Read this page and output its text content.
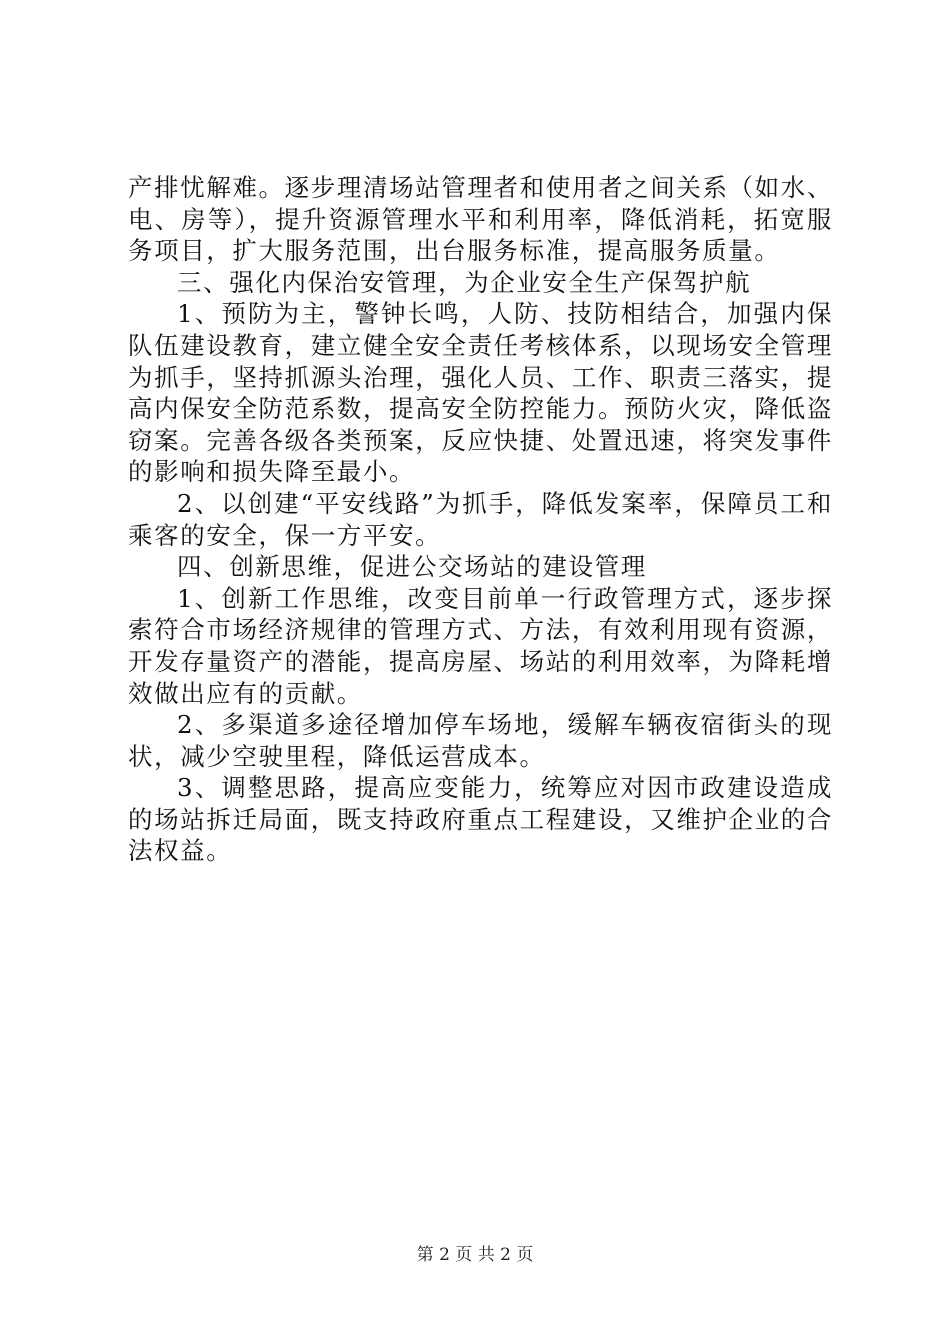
产排忧解难。逐步理清场站管理者和使用者之间关系（如水、电、房等），提升资源管理水平和利用率，降低消耗，拓宽服务项目，扩大服务范围，出台服务标准，提高服务质量。

三、强化内保治安管理，为企业安全生产保驾护航

1、预防为主，警钟长鸣，人防、技防相结合，加强内保队伍建设教育，建立健全安全责任考核体系，以现场安全管理为抓手，坚持抓源头治理，强化人员、工作、职责三落实，提高内保安全防范系数，提高安全防控能力。预防火灾，降低盗窃案。完善各级各类预案，反应快捷、处置迅速，将突发事件的影响和损失降至最小。

2、以创建“平安线路”为抓手，降低发案率，保障员工和乘客的安全，保一方平安。

四、创新思维，促进公交场站的建设管理

1、创新工作思维，改变目前单一行政管理方式，逐步探索符合市场经济规律的管理方式、方法，有效利用现有资源，开发存量资产的潜能，提高房屋、场站的利用效率，为降耗增效做出应有的贡献。

2、多渠道多途径增加停车场地，缓解车辆夜宿街头的现状，减少空驶里程，降低运营成本。

3、调整思路，提高应变能力，统筹应对因市政建设造成的场站拆迁局面，既支持政府重点工程建设，又维护企业的合法权益。

第 2 页 共 2 页
